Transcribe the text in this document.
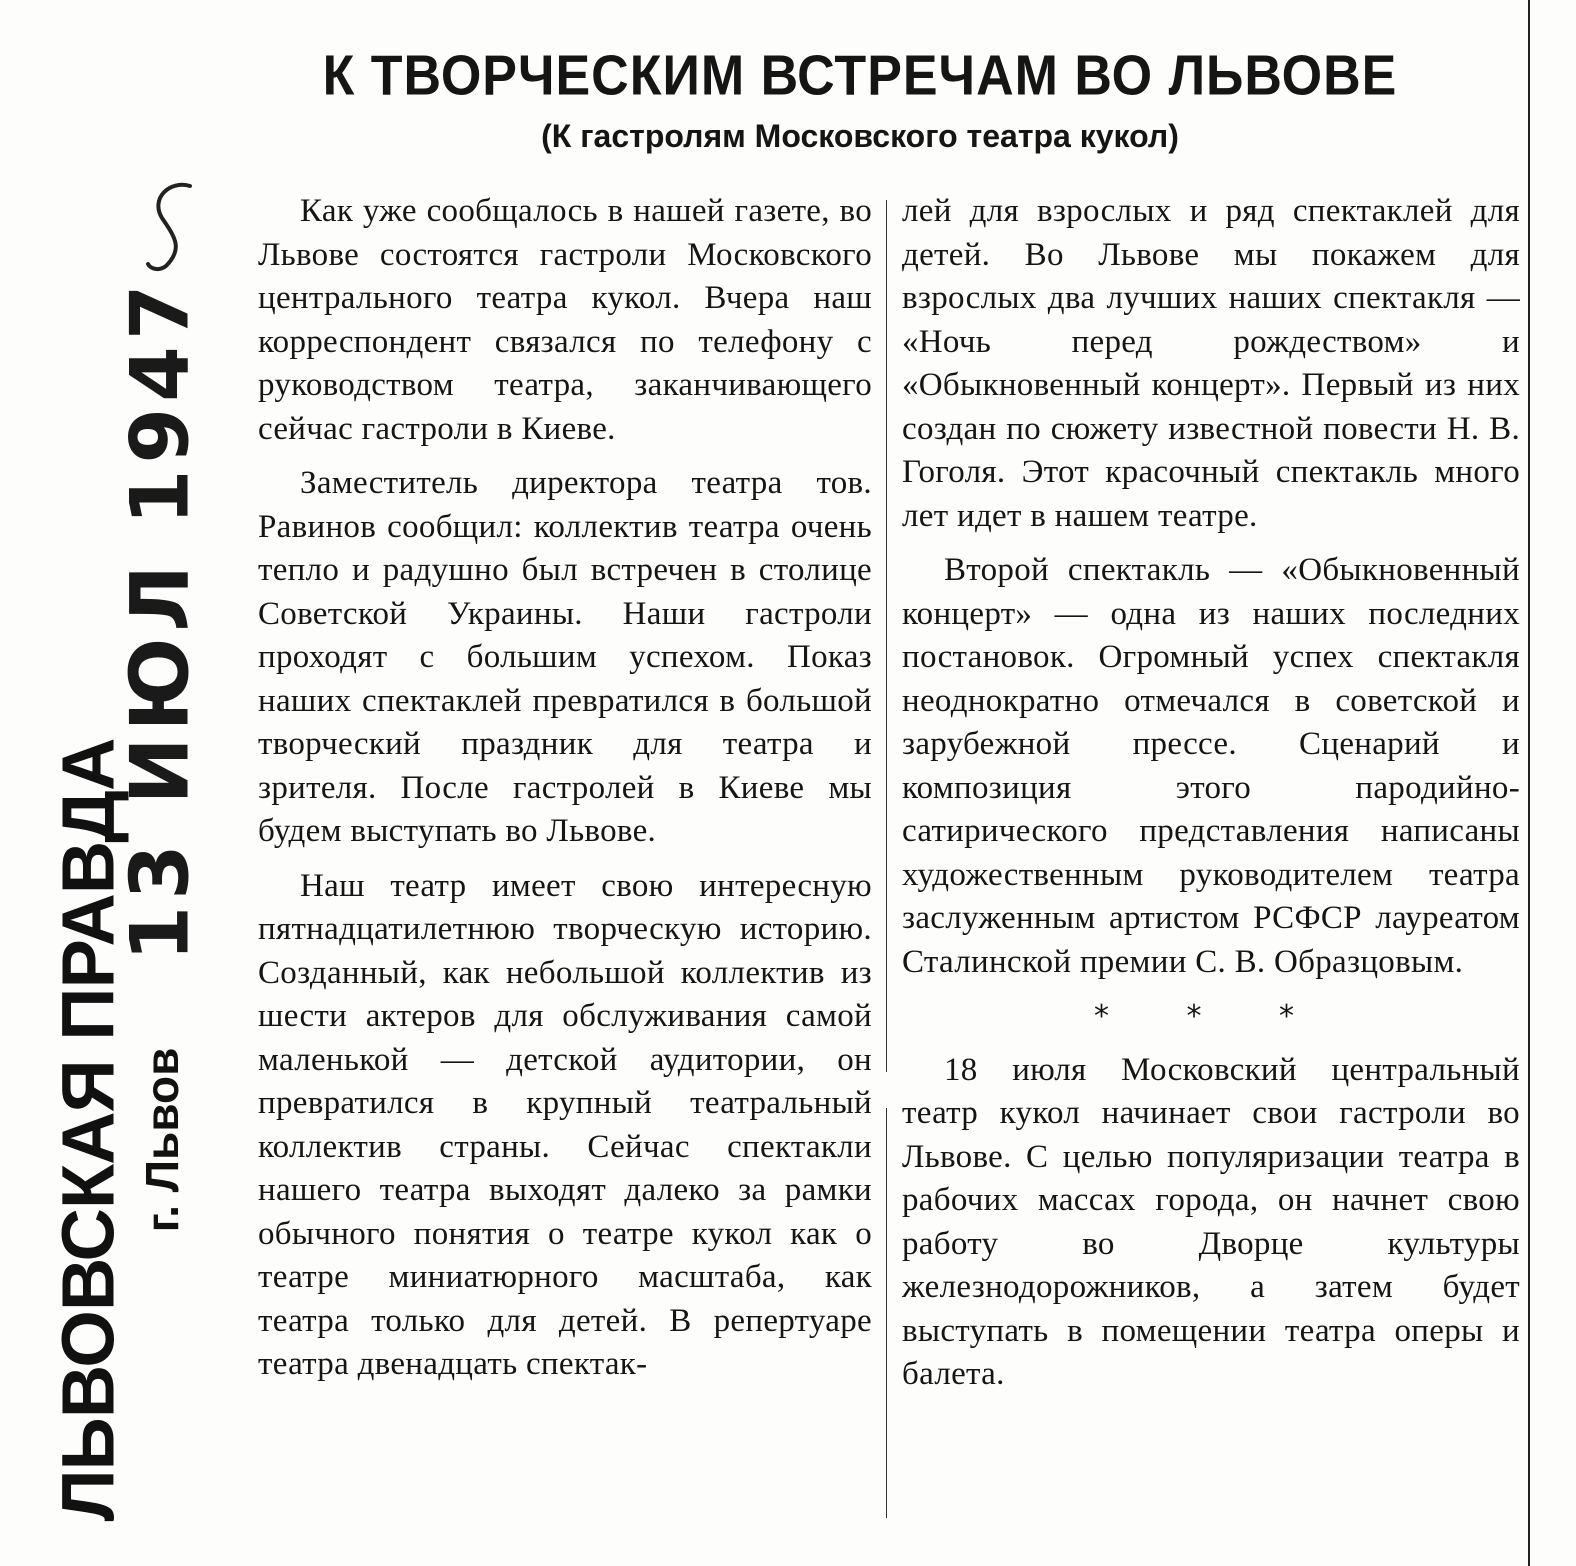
К ТВОРЧЕСКИМ ВСТРЕЧАМ ВО ЛЬВОВЕ
(К гастролям Московского театра кукол)
13 ИЮЛ 1947
ЛЬВОВСКАЯ ПРАВДА г. Львов

Как уже сообщалось в нашей газете, во Львове состоятся гастроли Московского центрального театра кукол. Вчера наш корреспондент связался по телефону с руководством театра, заканчивающего сейчас гастроли в Киеве.

Заместитель директора театра тов. Равинов сообщил: коллектив театра очень тепло и радушно был встречен в столице Советской Украины. Наши гастроли проходят с большим успехом. Показ наших спектаклей превратился в большой творческий праздник для театра и зрителя. После гастролей в Киеве мы будем выступать во Львове.

Наш театр имеет свою интересную пятнадцатилетнюю творческую историю. Созданный, как небольшой коллектив из шести актеров для обслуживания самой маленькой — детской аудитории, он превратился в крупный театральный коллектив страны. Сейчас спектакли нашего театра выходят далеко за рамки обычного понятия о театре кукол как о театре миниатюрного масштаба, как театра только для детей. В репертуаре театра двенадцать спектак-

лей для взрослых и ряд спектаклей для детей. Во Львове мы покажем для взрослых два лучших наших спектакля — «Ночь перед рождеством» и «Обыкновенный концерт». Первый из них создан по сюжету известной повести Н. В. Гоголя. Этот красочный спектакль много лет идет в нашем театре.

Второй спектакль — «Обыкновенный концерт» — одна из наших последних постановок. Огромный успех спектакля неоднократно отмечался в советской и зарубежной прессе. Сценарий и композиция этого пародийно-сатирического представления написаны художественным руководителем театра заслуженным артистом РСФСР лауреатом Сталинской премии С. В. Образцовым.

* * *

18 июля Московский центральный театр кукол начинает свои гастроли во Львове. С целью популяризации театра в рабочих массах города, он начнет свою работу во Дворце культуры железнодорожников, а затем будет выступать в помещении театра оперы и балета.
